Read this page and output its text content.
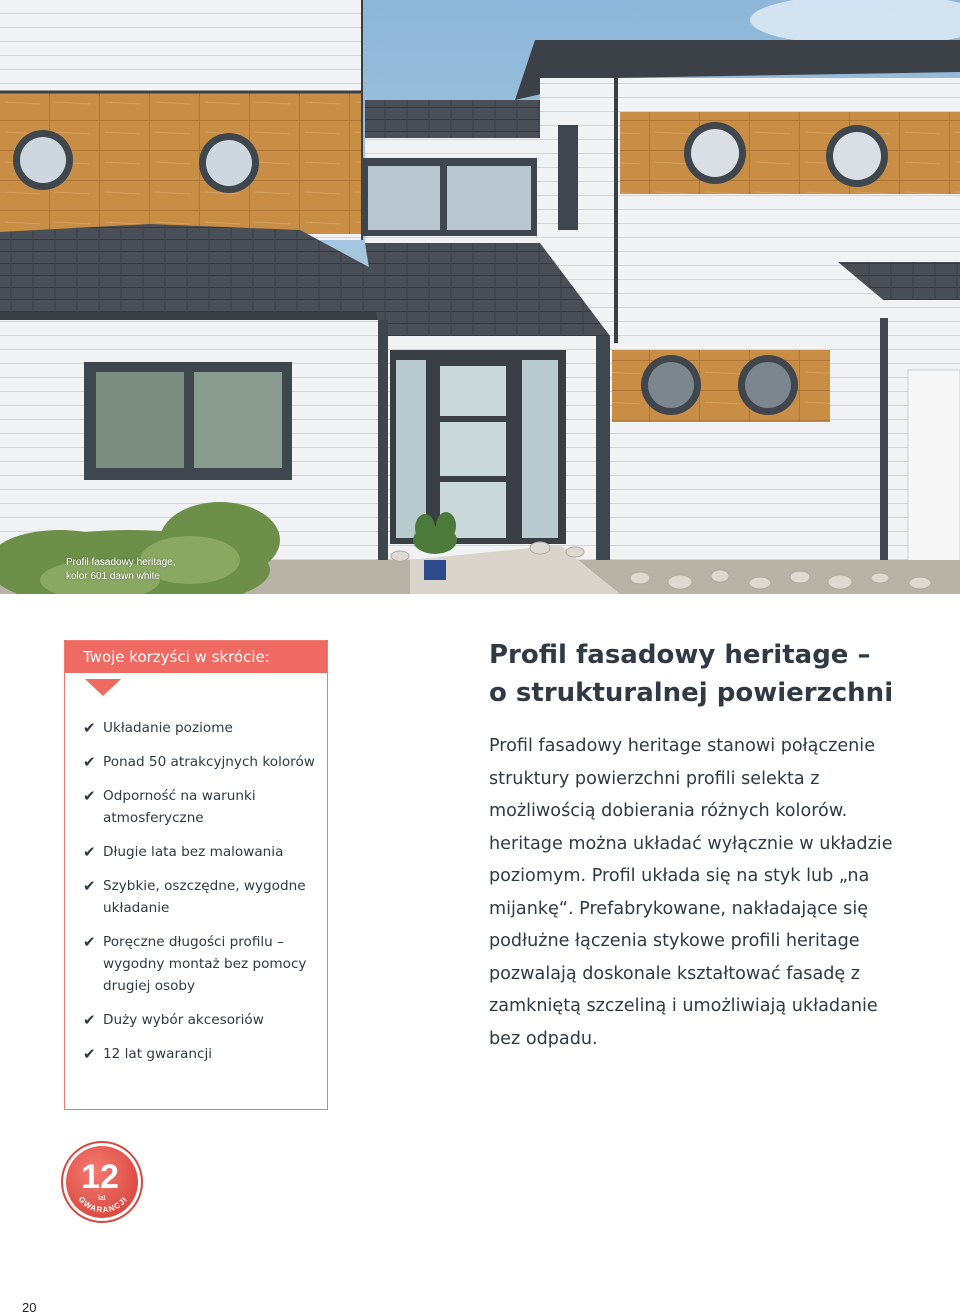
Profil fasadowy heritage,
kolor 601 dawn white
Twoje korzyści w skrócie:
✔ Układanie poziome
✔ Ponad 50 atrakcyjnych kolorów
✔ Odporność na warunki atmosferyczne
✔ Długie lata bez malowania
✔ Szybkie, oszczędne, wygodne układanie
✔ Poręczne długości profilu – wygodny montaż bez pomocy drugiej osoby
✔ Duży wybór akcesoriów
✔ 12 lat gwarancji
Profil fasadowy heritage –
o strukturalnej powierzchni
Profil fasadowy heritage stanowi połączenie struktury powierzchni profili selekta z możliwością dobierania różnych kolorów. heritage można układać wyłącznie w układzie poziomym. Profil układa się na styk lub „na mijankę“. Prefabrykowane, nakładające się podłużne łączenia stykowe profili heritage pozwalają doskonale kształtować fasadę z zamkniętą szczeliną i umożliwiają układanie bez odpadu.
12
lat
GWARANCJI
20
